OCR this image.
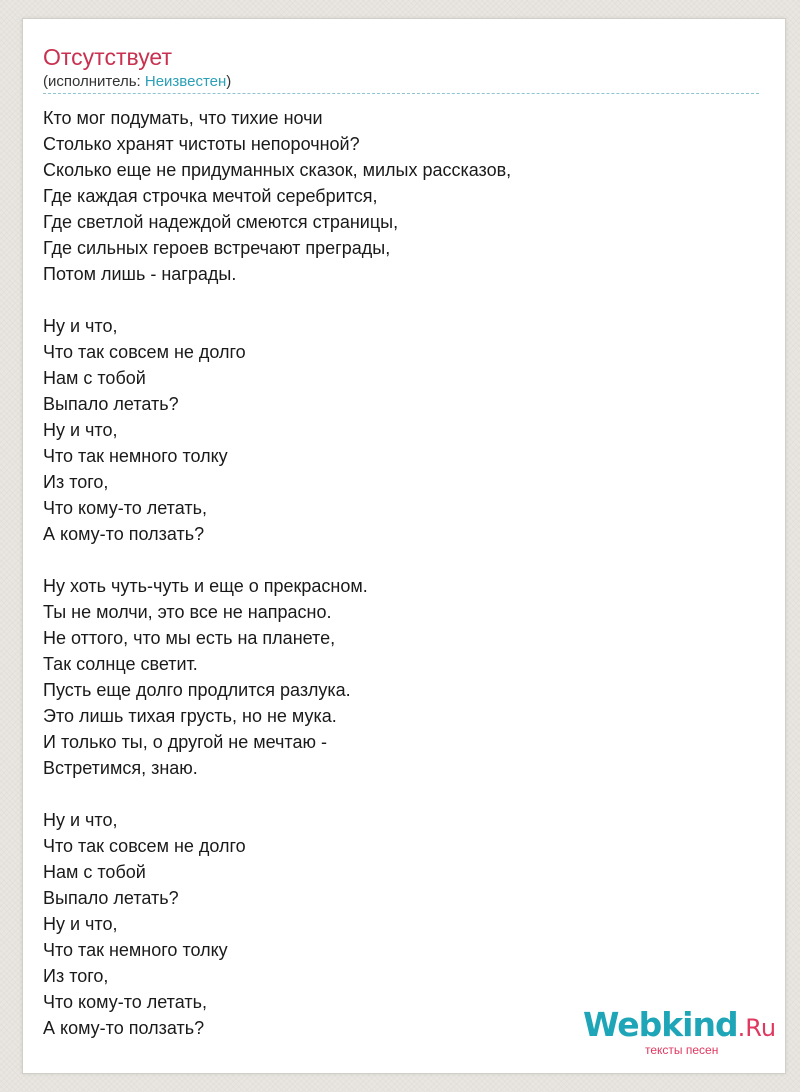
Отсутствует
(исполнитель: Неизвестен)
Кто мог подумать, что тихие ночи
Столько хранят чистоты непорочной?
Сколько еще не придуманных сказок, милых рассказов,
Где каждая строчка мечтой серебрится,
Где светлой надеждой смеются страницы,
Где сильных героев встречают преграды,
Потом лишь - награды.
Ну и что,
Что так совсем не долго
Нам с тобой
Выпало летать?
Ну и что,
Что так немного толку
Из того,
Что кому-то летать,
А кому-то ползать?
Ну хоть чуть-чуть и еще о прекрасном.
Ты не молчи, это все не напрасно.
Не оттого, что мы есть на планете,
Так солнце светит.
Пусть еще долго продлится разлука.
Это лишь тихая грусть, но не мука.
И только ты, о другой не мечтаю -
Встретимся, знаю.
Ну и что,
Что так совсем не долго
Нам с тобой
Выпало летать?
Ну и что,
Что так немного толку
Из того,
Что кому-то летать,
А кому-то ползать?	Webkind.Ru
тексты песен
